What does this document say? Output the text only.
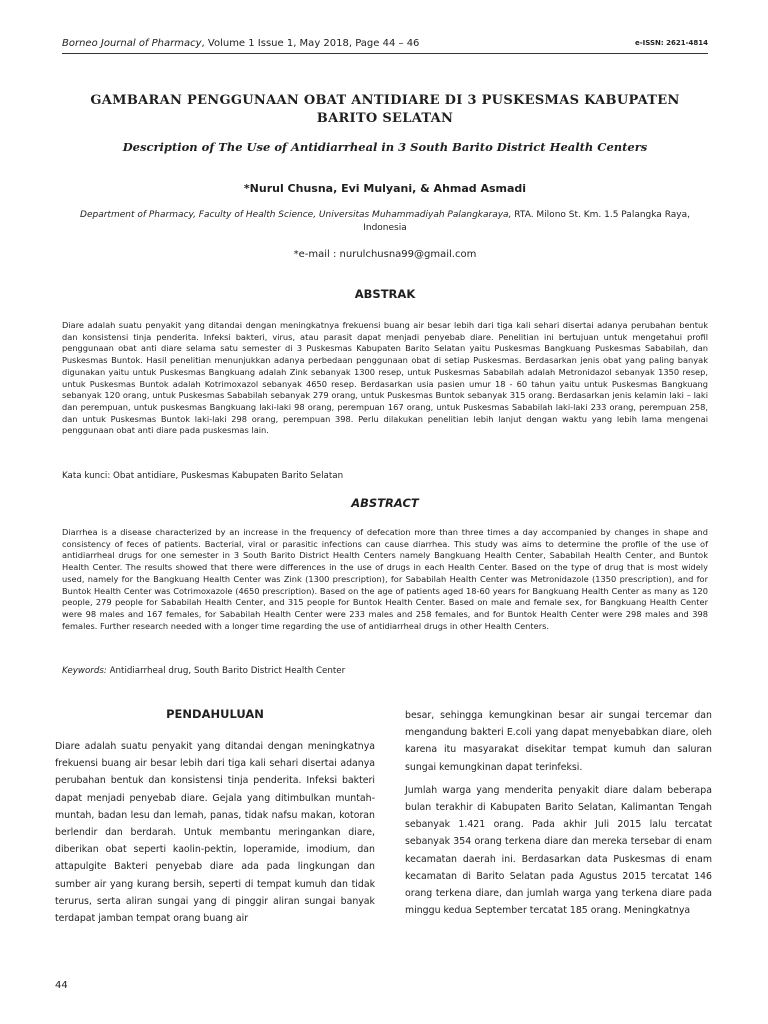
Borneo Journal of Pharmacy, Volume 1 Issue 1, May 2018, Page 44 – 46	e-ISSN: 2621-4814
GAMBARAN PENGGUNAAN OBAT ANTIDIARE DI 3 PUSKESMAS KABUPATEN BARITO SELATAN
Description of The Use of Antidiarrheal in 3 South Barito District Health Centers
*Nurul Chusna, Evi Mulyani, & Ahmad Asmadi
Department of Pharmacy, Faculty of Health Science, Universitas Muhammadiyah Palangkaraya, RTA. Milono St. Km. 1.5 Palangka Raya, Indonesia
*e-mail : nurulchusna99@gmail.com
ABSTRAK
Diare adalah suatu penyakit yang ditandai dengan meningkatnya frekuensi buang air besar lebih dari tiga kali sehari disertai adanya perubahan bentuk dan konsistensi tinja penderita. Infeksi bakteri, virus, atau parasit dapat menjadi penyebab diare. Penelitian ini bertujuan untuk mengetahui profil penggunaan obat anti diare selama satu semester di 3 Puskesmas Kabupaten Barito Selatan yaitu Puskesmas Bangkuang Puskesmas Sababilah, dan Puskesmas Buntok. Hasil penelitian menunjukkan adanya perbedaan penggunaan obat di setiap Puskesmas. Berdasarkan jenis obat yang paling banyak digunakan yaitu untuk Puskesmas Bangkuang adalah Zink sebanyak 1300 resep, untuk Puskesmas Sababilah adalah Metronidazol sebanyak 1350 resep, untuk Puskesmas Buntok adalah Kotrimoxazol sebanyak 4650 resep. Berdasarkan usia pasien umur 18 - 60 tahun yaitu untuk Puskesmas Bangkuang sebanyak 120 orang, untuk Puskesmas Sababilah sebanyak 279 orang, untuk Puskesmas Buntok sebanyak 315 orang. Berdasarkan jenis kelamin laki – laki dan perempuan, untuk puskesmas Bangkuang laki-laki 98 orang, perempuan 167 orang, untuk Puskesmas Sababilah laki-laki 233 orang, perempuan 258, dan untuk Puskesmas Buntok laki-laki 298 orang, perempuan 398. Perlu dilakukan penelitian lebih lanjut dengan waktu yang lebih lama mengenai penggunaan obat anti diare pada puskesmas lain.
Kata kunci: Obat antidiare, Puskesmas Kabupaten Barito Selatan
ABSTRACT
Diarrhea is a disease characterized by an increase in the frequency of defecation more than three times a day accompanied by changes in shape and consistency of feces of patients. Bacterial, viral or parasitic infections can cause diarrhea. This study was aims to determine the profile of the use of antidiarrheal drugs for one semester in 3 South Barito District Health Centers namely Bangkuang Health Center, Sababilah Health Center, and Buntok Health Center. The results showed that there were differences in the use of drugs in each Health Center. Based on the type of drug that is most widely used, namely for the Bangkuang Health Center was Zink (1300 prescription), for Sababilah Health Center was Metronidazole (1350 prescription), and for Buntok Health Center was Cotrimoxazole (4650 prescription). Based on the age of patients aged 18-60 years for Bangkuang Health Center as many as 120 people, 279 people for Sababilah Health Center, and 315 people for Buntok Health Center. Based on male and female sex, for Bangkuang Health Center were 98 males and 167 females, for Sababilah Health Center were 233 males and 258 females, and for Buntok Health Center were 298 males and 398 females. Further research needed with a longer time regarding the use of antidiarrheal drugs in other Health Centers.
Keywords: Antidiarrheal drug, South Barito District Health Center
PENDAHULUAN

Diare adalah suatu penyakit yang ditandai dengan meningkatnya frekuensi buang air besar lebih dari tiga kali sehari disertai adanya perubahan bentuk dan konsistensi tinja penderita. Infeksi bakteri dapat menjadi penyebab diare. Gejala yang ditimbulkan muntah-muntah, badan lesu dan lemah, panas, tidak nafsu makan, kotoran berlendir dan berdarah. Untuk membantu meringankan diare, diberikan obat seperti kaolin-pektin, loperamide, imodium, dan attapulgite Bakteri penyebab diare ada pada lingkungan dan sumber air yang kurang bersih, seperti di tempat kumuh dan tidak terurus, serta aliran sungai yang di pinggir aliran sungai banyak terdapat jamban tempat orang buang air

besar, sehingga kemungkinan besar air sungai tercemar dan mengandung bakteri E.coli yang dapat menyebabkan diare, oleh karena itu masyarakat disekitar tempat kumuh dan saluran sungai kemungkinan dapat terinfeksi.

Jumlah warga yang menderita penyakit diare dalam beberapa bulan terakhir di Kabupaten Barito Selatan, Kalimantan Tengah sebanyak 1.421 orang. Pada akhir Juli 2015 lalu tercatat sebanyak 354 orang terkena diare dan mereka tersebar di enam kecamatan daerah ini. Berdasarkan data Puskesmas di enam kecamatan di Barito Selatan pada Agustus 2015 tercatat 146 orang terkena diare, dan jumlah warga yang terkena diare pada minggu kedua September tercatat 185 orang. Meningkatnya

44
